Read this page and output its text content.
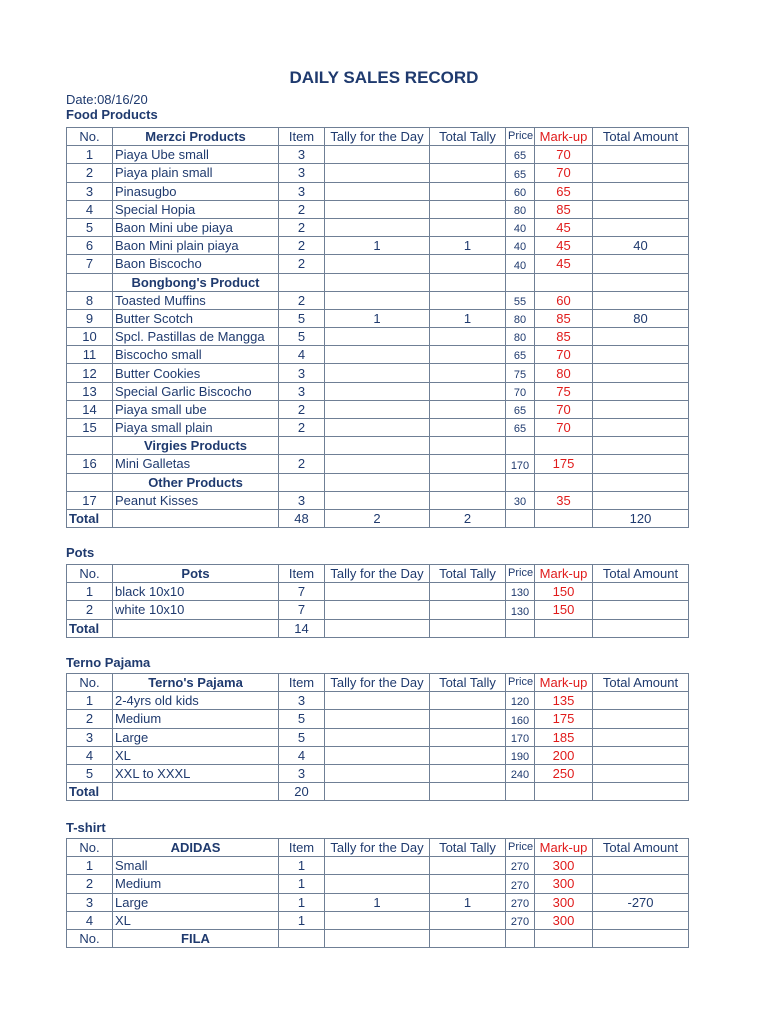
DAILY SALES RECORD
Date:08/16/20
Food Products
No.	Merzci Products	Item	Tally for the Day	Total Tally	Price	Mark-up	Total Amount
1	Piaya Ube small	3			65	70	
2	Piaya plain small	3			65	70	
3	Pinasugbo	3			60	65	
4	Special Hopia	2			80	85	
5	Baon Mini ube piaya	2			40	45	
6	Baon Mini plain piaya	2	1	1	40	45	40
7	Baon Biscocho	2			40	45	
	Bongbong's Product						
8	Toasted Muffins	2			55	60	
9	Butter Scotch	5	1	1	80	85	80
10	Spcl. Pastillas de Mangga	5			80	85	
11	Biscocho small	4			65	70	
12	Butter Cookies	3			75	80	
13	Special Garlic Biscocho	3			70	75	
14	Piaya small ube	2			65	70	
15	Piaya small plain	2			65	70	
	Virgies Products						
16	Mini Galletas	2			170	175	
	Other Products						
17	Peanut Kisses	3			30	35	
Total		48	2	2			120
Pots
No.	Pots	Item	Tally for the Day	Total Tally	Price	Mark-up	Total Amount
1	black 10x10	7			130	150	
2	white 10x10	7			130	150	
Total		14					
Terno Pajama
No.	Terno's Pajama	Item	Tally for the Day	Total Tally	Price	Mark-up	Total Amount
1	2-4yrs old kids	3			120	135	
2	Medium	5			160	175	
3	Large	5			170	185	
4	XL	4			190	200	
5	XXL to XXXL	3			240	250	
Total		20					
T-shirt
No.	ADIDAS	Item	Tally for the Day	Total Tally	Price	Mark-up	Total Amount
1	Small	1			270	300	
2	Medium	1			270	300	
3	Large	1	1	1	270	300	-270
4	XL	1			270	300	
No.	FILA						
